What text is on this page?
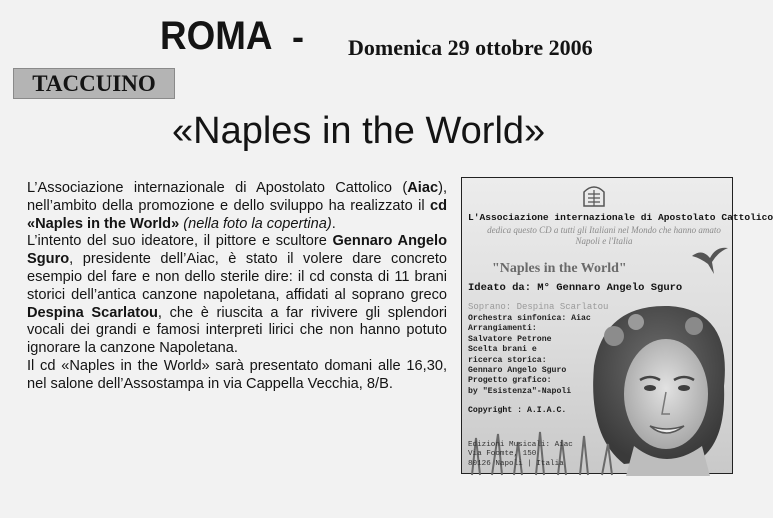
ROMA - Domenica 29 ottobre 2006
TACCUINO
«Naples in the World»

L’Associazione internazionale di Apostolato Cattolico (Aiac), nell’ambito della promozione e dello sviluppo ha realizzato il cd «Naples in the World» (nella foto la copertina).

L’intento del suo ideatore, il pittore e scultore Gennaro Angelo Sguro, presidente dell’Aiac, è stato il volere dare concreto esempio del fare e non dello sterile dire: il cd consta di 11 brani storici dell’antica canzone napoletana, affidati al soprano greco Despina Scarlatou, che è riuscita a far rivivere gli splendori vocali dei grandi e famosi interpreti lirici che non hanno potuto ignorare la canzone Napoletana.

Il cd «Naples in the World» sarà presentato domani alle 16,30, nel salone dell’Assostampa in via Cappella Vecchia, 8/B.

L'Associazione internazionale di Apostolato Cattolico
dedica questo CD a tutti gli Italiani nel Mondo che hanno amato Napoli e l'Italia
"Naples in the World"
Ideato da: M° Gennaro Angelo Sguro
Soprano: Despina Scarlatou
Orchestra sinfonica: Aiac
Arrangiamenti:
Salvatore Petrone
Scelta brani e
ricerca storica:
Gennaro Angelo Sguro
Progetto grafico:
by "Esistenza"-Napoli
Copyright : A.I.A.C.
Edizioni Musicali: Aiac
Via Foomte, 150
80126 Napoli | Italia
